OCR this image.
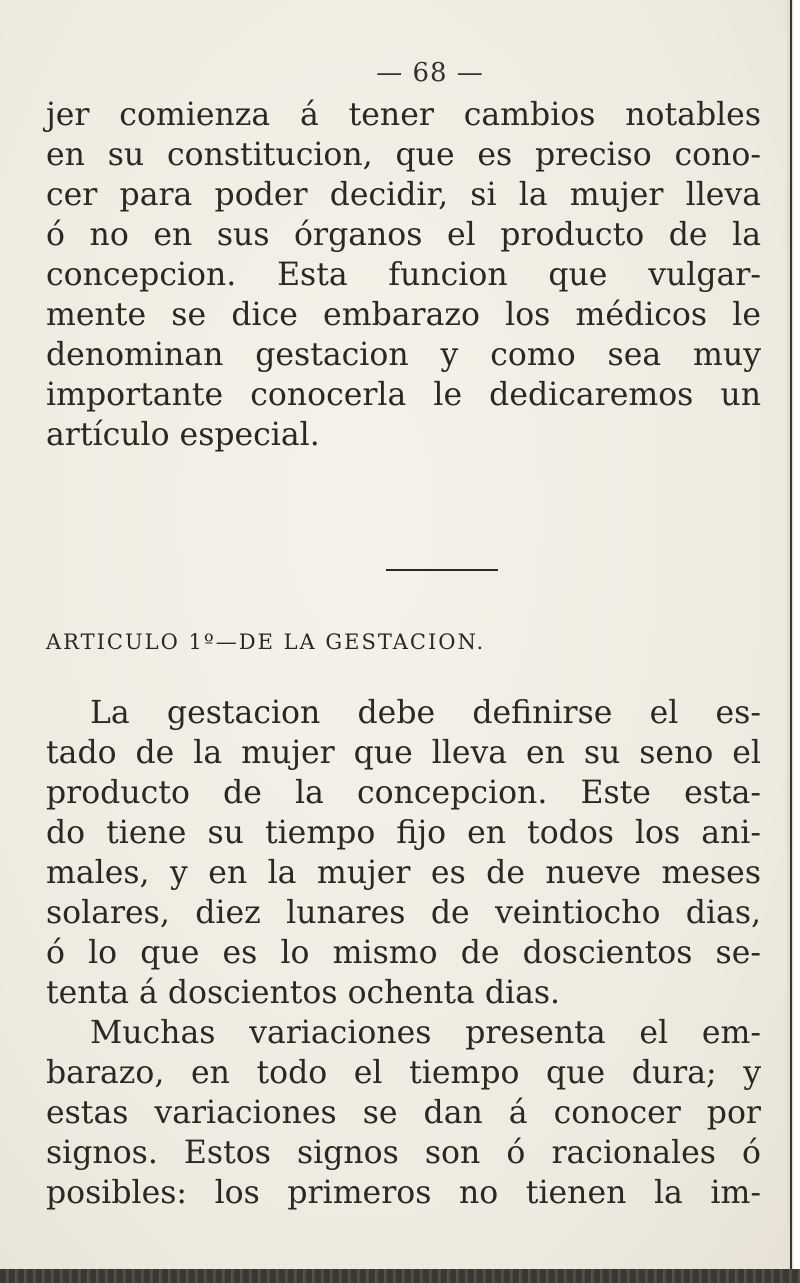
— 68 —
jer comienza á tener cambios notables
en su constitucion, que es preciso cono-
cer para poder decidir, si la mujer lleva
ó no en sus órganos el producto de la
concepcion. Esta funcion que vulgar-
mente se dice embarazo los médicos le
denominan gestacion y como sea muy
importante conocerla le dedicaremos un
artículo especial.
ARTICULO 1º—DE LA GESTACION.
La gestacion debe definirse el es-
tado de la mujer que lleva en su seno el
producto de la concepcion. Este esta-
do tiene su tiempo fijo en todos los ani-
males, y en la mujer es de nueve meses
solares, diez lunares de veintiocho dias,
ó lo que es lo mismo de doscientos se-
tenta á doscientos ochenta dias.
Muchas variaciones presenta el em-
barazo, en todo el tiempo que dura; y
estas variaciones se dan á conocer por
signos. Estos signos son ó racionales ó
posibles: los primeros no tienen la im-
